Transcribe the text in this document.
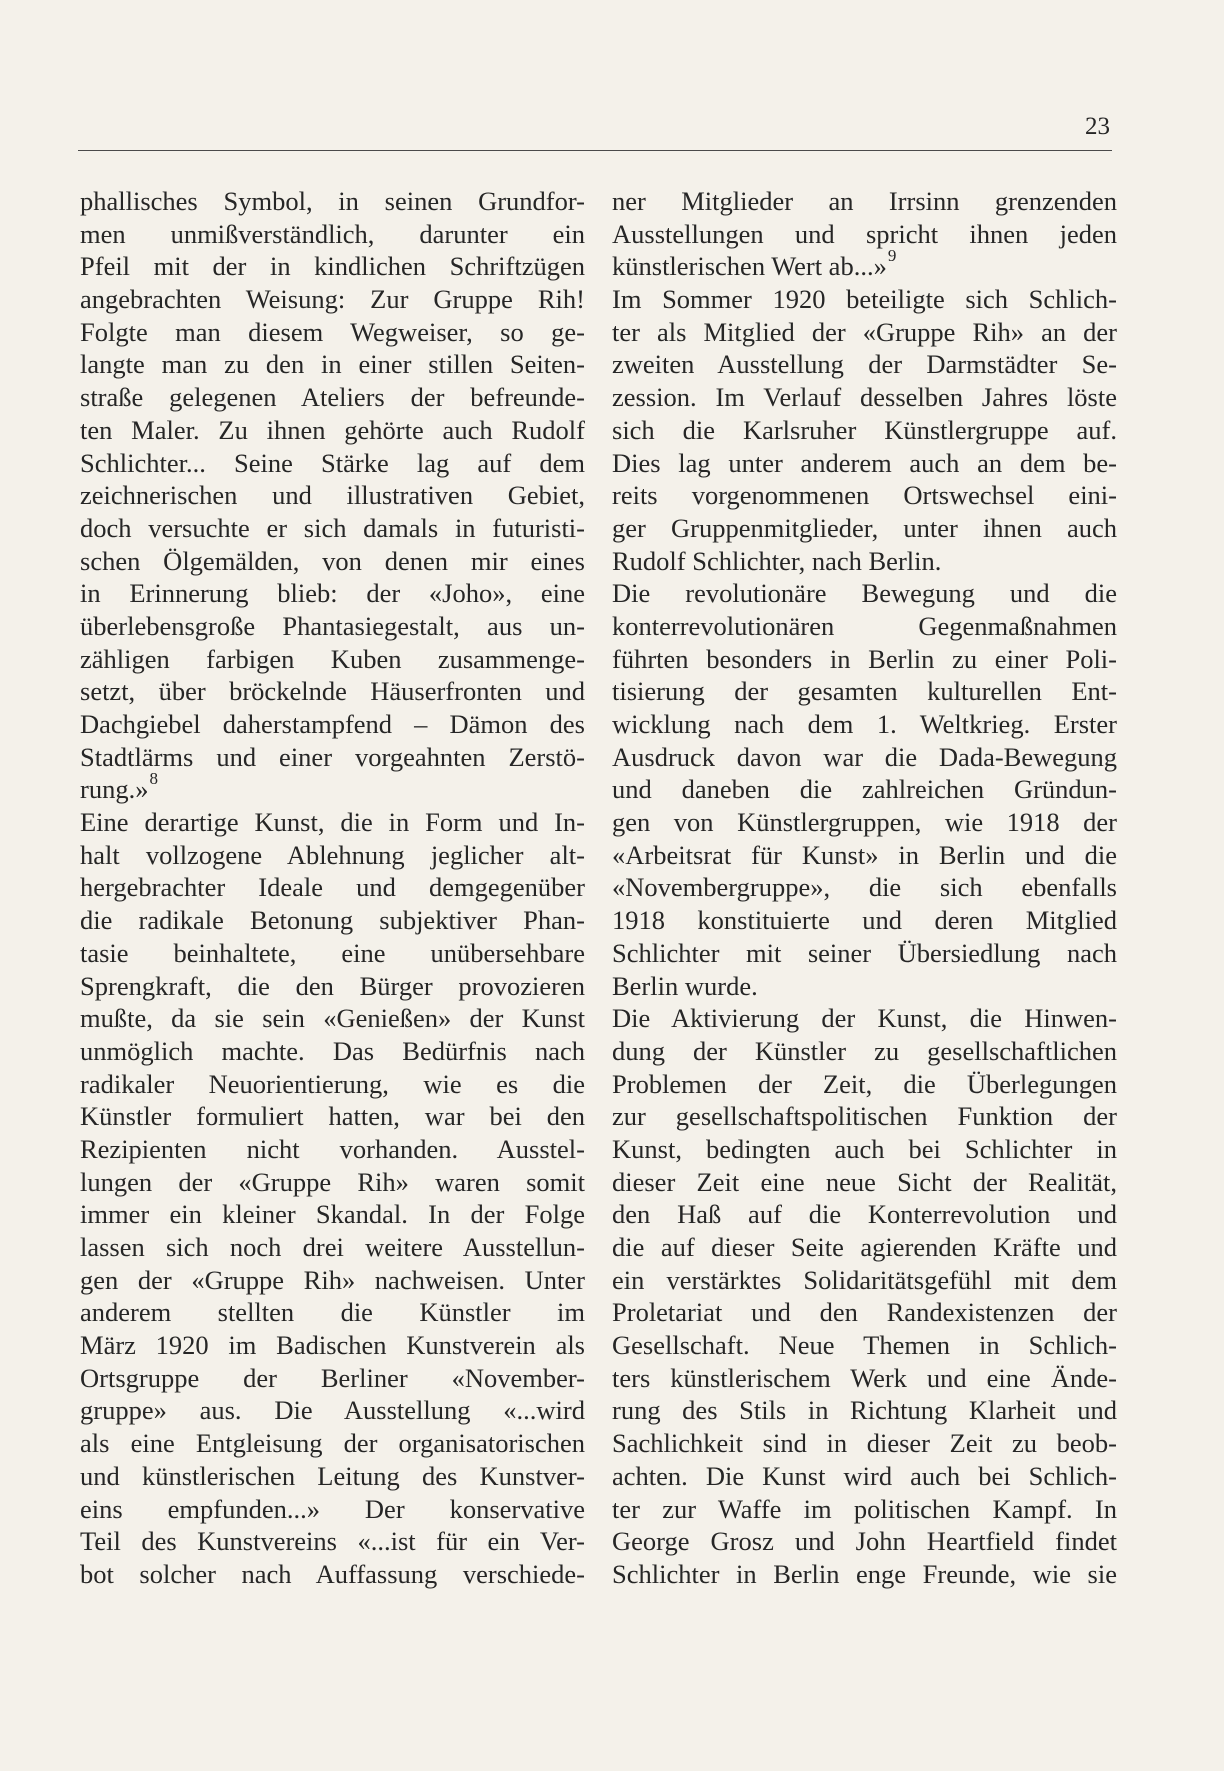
23
phallisches Symbol, in seinen Grundfor-
men unmißverständlich, darunter ein
Pfeil mit der in kindlichen Schriftzügen
angebrachten Weisung: Zur Gruppe Rih!
Folgte man diesem Wegweiser, so ge-
langte man zu den in einer stillen Seiten-
straße gelegenen Ateliers der befreunde-
ten Maler. Zu ihnen gehörte auch Rudolf
Schlichter... Seine Stärke lag auf dem
zeichnerischen und illustrativen Gebiet,
doch versuchte er sich damals in futuristi-
schen Ölgemälden, von denen mir eines
in Erinnerung blieb: der «Joho», eine
überlebensgroße Phantasiegestalt, aus un-
zähligen farbigen Kuben zusammenge-
setzt, über bröckelnde Häuserfronten und
Dachgiebel daherstampfend – Dämon des
Stadtlärms und einer vorgeahnten Zerstö-
rung.»$^8$
Eine derartige Kunst, die in Form und In-
halt vollzogene Ablehnung jeglicher alt-
hergebrachter Ideale und demgegenüber
die radikale Betonung subjektiver Phan-
tasie beinhaltete, eine unübersehbare
Sprengkraft, die den Bürger provozieren
mußte, da sie sein «Genießen» der Kunst
unmöglich machte. Das Bedürfnis nach
radikaler Neuorientierung, wie es die
Künstler formuliert hatten, war bei den
Rezipienten nicht vorhanden. Ausstel-
lungen der «Gruppe Rih» waren somit
immer ein kleiner Skandal. In der Folge
lassen sich noch drei weitere Ausstellun-
gen der «Gruppe Rih» nachweisen. Unter
anderem stellten die Künstler im
März 1920 im Badischen Kunstverein als
Ortsgruppe der Berliner «November-
gruppe» aus. Die Ausstellung «...wird
als eine Entgleisung der organisatorischen
und künstlerischen Leitung des Kunstver-
eins empfunden...» Der konservative
Teil des Kunstvereins «...ist für ein Ver-
bot solcher nach Auffassung verschiede-
ner Mitglieder an Irrsinn grenzenden
Ausstellungen und spricht ihnen jeden
künstlerischen Wert ab...»$^9$
Im Sommer 1920 beteiligte sich Schlich-
ter als Mitglied der «Gruppe Rih» an der
zweiten Ausstellung der Darmstädter Se-
zession. Im Verlauf desselben Jahres löste
sich die Karlsruher Künstlergruppe auf.
Dies lag unter anderem auch an dem be-
reits vorgenommenen Ortswechsel eini-
ger Gruppenmitglieder, unter ihnen auch
Rudolf Schlichter, nach Berlin.
Die revolutionäre Bewegung und die
konterrevolutionären Gegenmaßnahmen
führten besonders in Berlin zu einer Poli-
tisierung der gesamten kulturellen Ent-
wicklung nach dem 1. Weltkrieg. Erster
Ausdruck davon war die Dada-Bewegung
und daneben die zahlreichen Gründun-
gen von Künstlergruppen, wie 1918 der
«Arbeitsrat für Kunst» in Berlin und die
«Novembergruppe», die sich ebenfalls
1918 konstituierte und deren Mitglied
Schlichter mit seiner Übersiedlung nach
Berlin wurde.
Die Aktivierung der Kunst, die Hinwen-
dung der Künstler zu gesellschaftlichen
Problemen der Zeit, die Überlegungen
zur gesellschaftspolitischen Funktion der
Kunst, bedingten auch bei Schlichter in
dieser Zeit eine neue Sicht der Realität,
den Haß auf die Konterrevolution und
die auf dieser Seite agierenden Kräfte und
ein verstärktes Solidaritätsgefühl mit dem
Proletariat und den Randexistenzen der
Gesellschaft. Neue Themen in Schlich-
ters künstlerischem Werk und eine Ände-
rung des Stils in Richtung Klarheit und
Sachlichkeit sind in dieser Zeit zu beob-
achten. Die Kunst wird auch bei Schlich-
ter zur Waffe im politischen Kampf. In
George Grosz und John Heartfield findet
Schlichter in Berlin enge Freunde, wie sie
